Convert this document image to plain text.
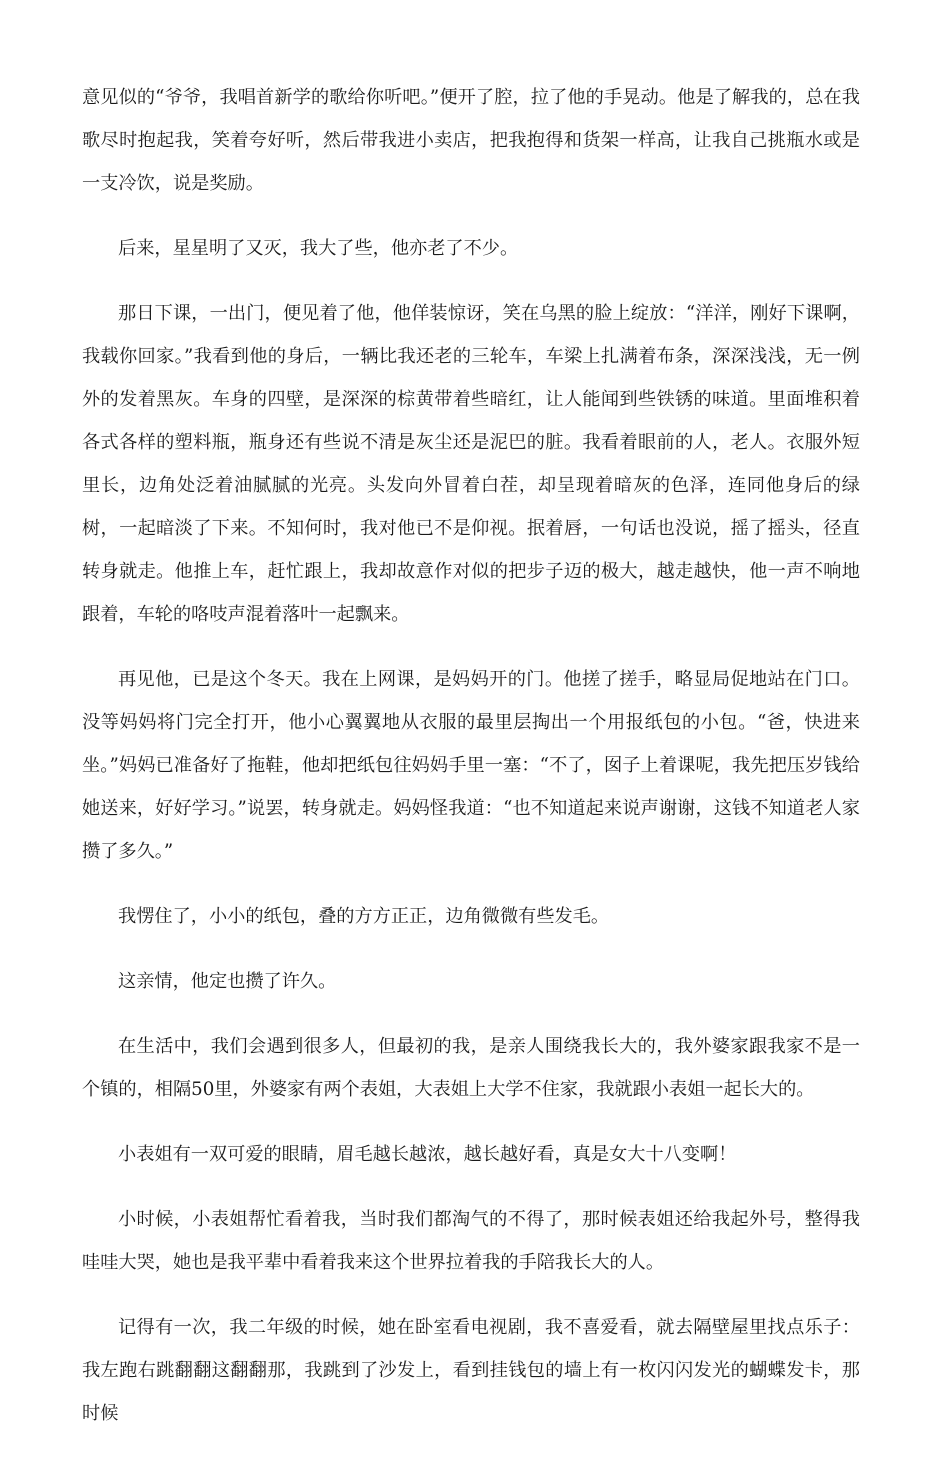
意见似的“爷爷，我唱首新学的歌给你听吧。”便开了腔，拉了他的手晃动。他是了解我的，总在我歌尽时抱起我，笑着夸好听，然后带我进小卖店，把我抱得和货架一样高，让我自己挑瓶水或是一支冷饮，说是奖励。

后来，星星明了又灭，我大了些，他亦老了不少。

那日下课，一出门，便见着了他，他佯装惊讶，笑在乌黑的脸上绽放：“洋洋，刚好下课啊，我载你回家。”我看到他的身后，一辆比我还老的三轮车，车梁上扎满着布条，深深浅浅，无一例外的发着黑灰。车身的四壁，是深深的棕黄带着些暗红，让人能闻到些铁锈的味道。里面堆积着各式各样的塑料瓶，瓶身还有些说不清是灰尘还是泥巴的脏。我看着眼前的人，老人。衣服外短里长，边角处泛着油腻腻的光亮。头发向外冒着白茬，却呈现着暗灰的色泽，连同他身后的绿树，一起暗淡了下来。不知何时，我对他已不是仰视。抿着唇，一句话也没说，摇了摇头，径直转身就走。他推上车，赶忙跟上，我却故意作对似的把步子迈的极大，越走越快，他一声不响地跟着，车轮的咯吱声混着落叶一起飘来。

再见他，已是这个冬天。我在上网课，是妈妈开的门。他搓了搓手，略显局促地站在门口。没等妈妈将门完全打开，他小心翼翼地从衣服的最里层掏出一个用报纸包的小包。“爸，快进来坐。”妈妈已准备好了拖鞋，他却把纸包往妈妈手里一塞：“不了，囡子上着课呢，我先把压岁钱给她送来，好好学习。”说罢，转身就走。妈妈怪我道：“也不知道起来说声谢谢，这钱不知道老人家攒了多久。”

我愣住了，小小的纸包，叠的方方正正，边角微微有些发毛。

这亲情，他定也攒了许久。

在生活中，我们会遇到很多人，但最初的我，是亲人围绕我长大的，我外婆家跟我家不是一个镇的，相隔50里，外婆家有两个表姐，大表姐上大学不住家，我就跟小表姐一起长大的。

小表姐有一双可爱的眼睛，眉毛越长越浓，越长越好看，真是女大十八变啊！

小时候，小表姐帮忙看着我，当时我们都淘气的不得了，那时候表姐还给我起外号，整得我哇哇大哭，她也是我平辈中看着我来这个世界拉着我的手陪我长大的人。

记得有一次，我二年级的时候，她在卧室看电视剧，我不喜爱看，就去隔壁屋里找点乐子：我左跑右跳翻翻这翻翻那，我跳到了沙发上，看到挂钱包的墙上有一枚闪闪发光的蝴蝶发卡，那时候
